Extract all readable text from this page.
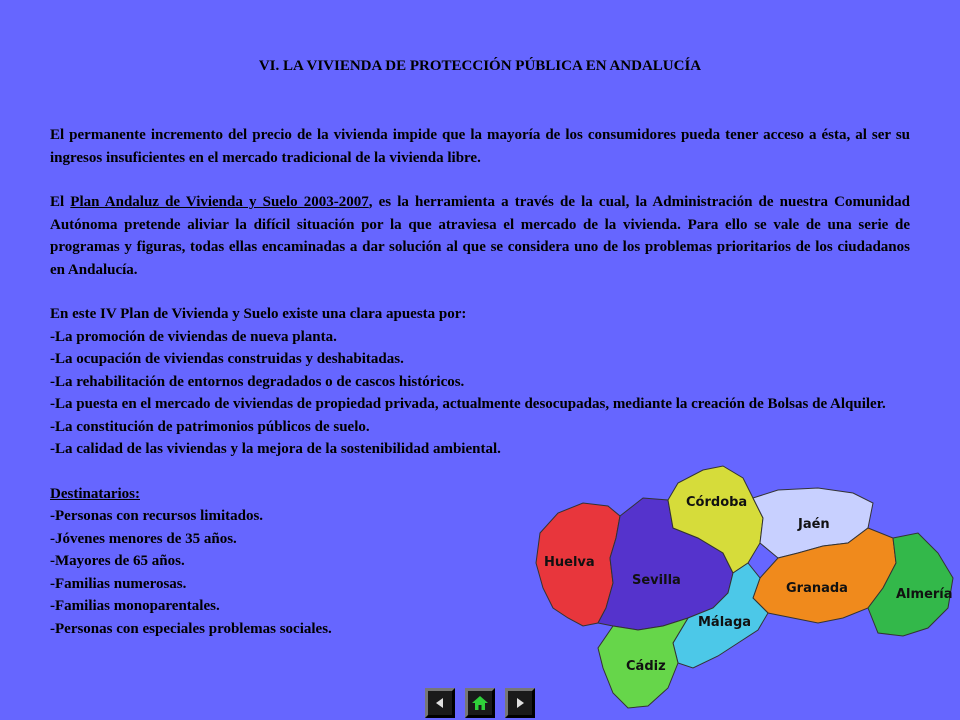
VI. LA VIVIENDA DE PROTECCIÓN PÚBLICA EN ANDALUCÍA

El permanente incremento del precio de la vivienda impide que la mayoría de los consumidores pueda tener acceso a ésta, al ser su ingresos insuficientes en el mercado tradicional de la vivienda libre.

El Plan Andaluz de Vivienda y Suelo 2003-2007, es la herramienta a través de la cual, la Administración de nuestra Comunidad Autónoma pretende aliviar la difícil situación por la que atraviesa el mercado de la vivienda. Para ello se vale de una serie de programas y figuras, todas ellas encaminadas a dar solución al que se considera uno de los problemas prioritarios de los ciudadanos en Andalucía.

En este IV Plan de Vivienda y Suelo existe una clara apuesta por:

-La promoción de viviendas de nueva planta.

-La ocupación de viviendas construidas y deshabitadas.

-La rehabilitación de entornos degradados o de cascos históricos.

-La puesta en el mercado de viviendas de propiedad privada, actualmente desocupadas, mediante la creación de Bolsas de Alquiler.

-La constitución de patrimonios públicos de suelo.

-La calidad de las viviendas y la mejora de la sostenibilidad ambiental.

Destinatarios:

-Personas con recursos limitados.

-Jóvenes menores de 35 años.

-Mayores de 65 años.

-Familias numerosas.

-Familias monoparentales.

-Personas con especiales problemas sociales.

Huelva
Sevilla
Córdoba
Jaén
Granada	Almería
Málaga
Cádiz
